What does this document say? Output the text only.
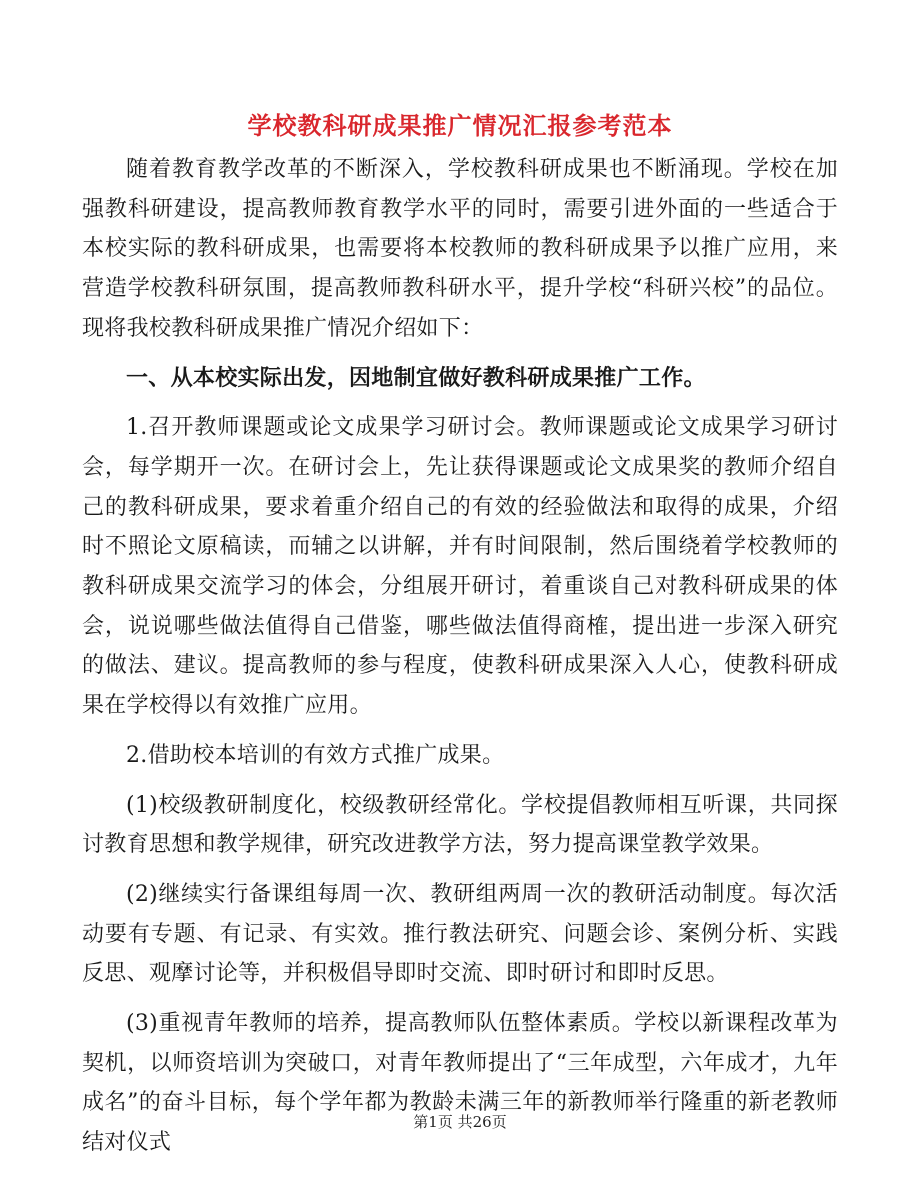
学校教科研成果推广情况汇报参考范本

随着教育教学改革的不断深入，学校教科研成果也不断涌现。学校在加强教科研建设，提高教师教育教学水平的同时，需要引进外面的一些适合于本校实际的教科研成果，也需要将本校教师的教科研成果予以推广应用，来营造学校教科研氛围，提高教师教科研水平，提升学校“科研兴校”的品位。现将我校教科研成果推广情况介绍如下：

一、从本校实际出发，因地制宜做好教科研成果推广工作。

1.召开教师课题或论文成果学习研讨会。教师课题或论文成果学习研讨会，每学期开一次。在研讨会上，先让获得课题或论文成果奖的教师介绍自己的教科研成果，要求着重介绍自己的有效的经验做法和取得的成果，介绍时不照论文原稿读，而辅之以讲解，并有时间限制，然后围绕着学校教师的教科研成果交流学习的体会，分组展开研讨，着重谈自己对教科研成果的体会，说说哪些做法值得自己借鉴，哪些做法值得商榷，提出进一步深入研究的做法、建议。提高教师的参与程度，使教科研成果深入人心，使教科研成果在学校得以有效推广应用。

2.借助校本培训的有效方式推广成果。

(1)校级教研制度化，校级教研经常化。学校提倡教师相互听课，共同探讨教育思想和教学规律，研究改进教学方法，努力提高课堂教学效果。

(2)继续实行备课组每周一次、教研组两周一次的教研活动制度。每次活动要有专题、有记录、有实效。推行教法研究、问题会诊、案例分析、实践反思、观摩讨论等，并积极倡导即时交流、即时研讨和即时反思。

(3)重视青年教师的培养，提高教师队伍整体素质。学校以新课程改革为契机，以师资培训为突破口，对青年教师提出了“三年成型，六年成才，九年成名”的奋斗目标，每个学年都为教龄未满三年的新教师举行隆重的新老教师结对仪式

第1页 共26页
